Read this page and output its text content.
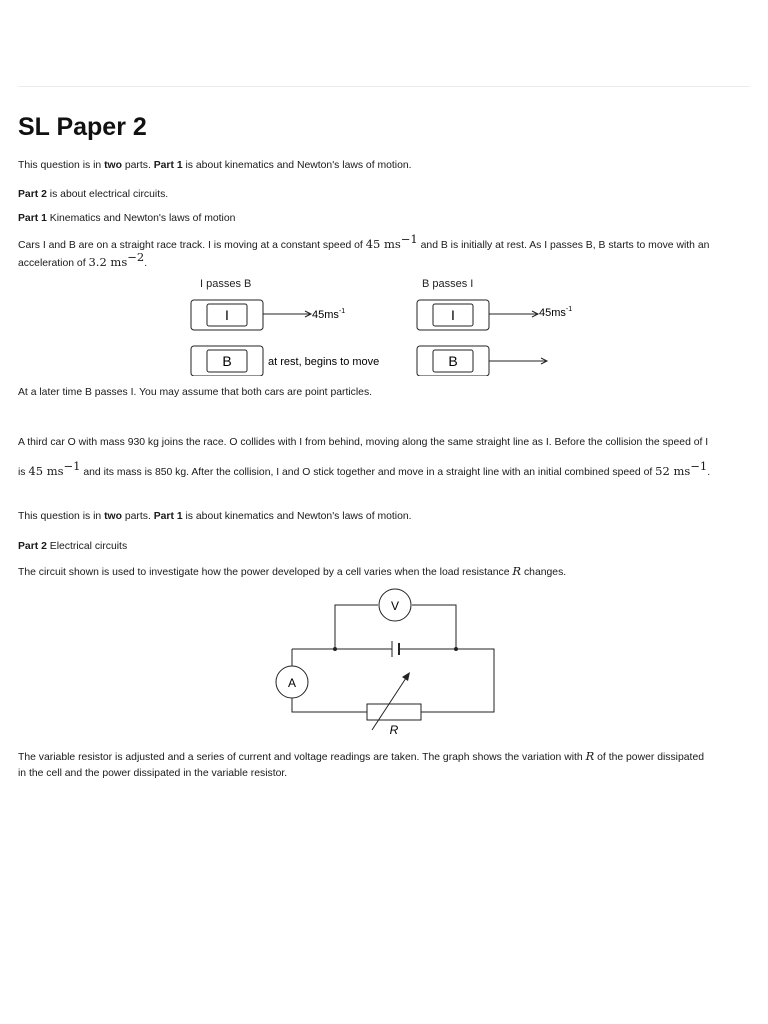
SL Paper 2

This question is in two parts. Part 1 is about kinematics and Newton's laws of motion.

Part 2 is about electrical circuits.

Part 1 Kinematics and Newton's laws of motion

Cars I and B are on a straight race track. I is moving at a constant speed of 45 $ms^{-1}$ and B is initially at rest. As I passes B, B starts to move with an
acceleration of 3.2 $ms^{-2}$.

I passes B	B passes I
I	$45ms^{-1}$
B	at rest, begins to move
I	$45ms^{-1}$
B

At a later time B passes I. You may assume that both cars are point particles.

A third car O with mass 930 kg joins the race. O collides with I from behind, moving along the same straight line as I. Before the collision the speed of I
is 45 $ms^{-1}$ and its mass is 850 kg. After the collision, I and O stick together and move in a straight line with an initial combined speed of 52 $ms^{-1}$.

This question is in two parts. Part 1 is about kinematics and Newton's laws of motion.

Part 2 Electrical circuits

The circuit shown is used to investigate how the power developed by a cell varies when the load resistance R changes.

V
A
R

The variable resistor is adjusted and a series of current and voltage readings are taken. The graph shows the variation with R of the power dissipated
in the cell and the power dissipated in the variable resistor.
